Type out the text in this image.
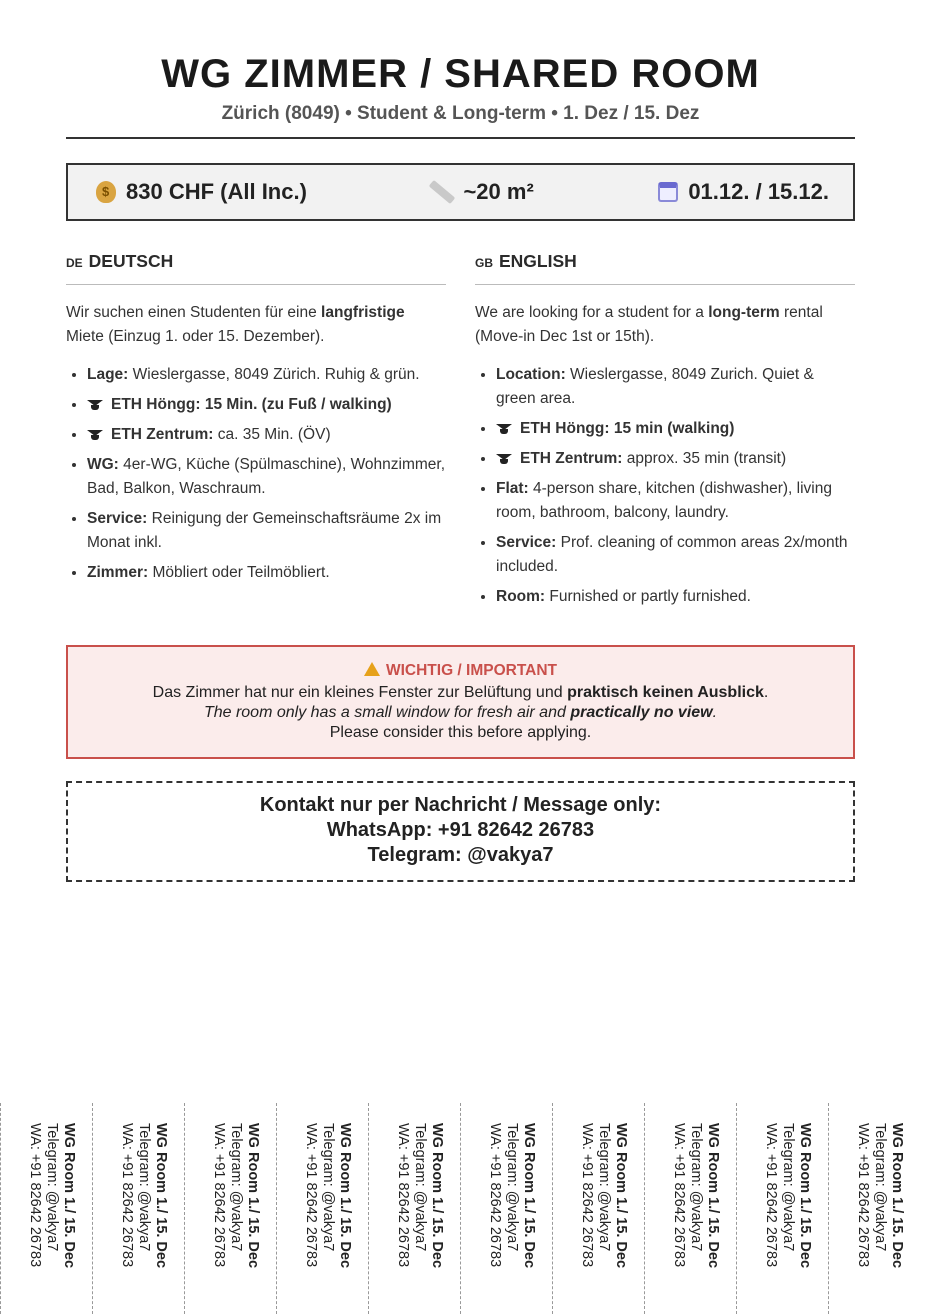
WG ZIMMER / SHARED ROOM
Zürich (8049) • Student & Long-term • 1. Dez / 15. Dez
$
830 CHF (All Inc.)	~20 m²	01.12. / 15.12.
DE DEUTSCH
Wir suchen einen Studenten für eine langfristige Miete (Einzug 1. oder 15. Dezember).
• Lage: Wieslergasse, 8049 Zürich. Ruhig & grün.
• ETH Höngg: 15 Min. (zu Fuß / walking)
• ETH Zentrum: ca. 35 Min. (ÖV)
• WG: 4er-WG, Küche (Spülmaschine), Wohnzimmer, Bad, Balkon, Waschraum.
• Service: Reinigung der Gemeinschaftsräume 2x im Monat inkl.
• Zimmer: Möbliert oder Teilmöbliert.
GB ENGLISH
We are looking for a student for a long-term rental (Move-in Dec 1st or 15th).
• Location: Wieslergasse, 8049 Zurich. Quiet & green area.
• ETH Höngg: 15 min (walking)
• ETH Zentrum: approx. 35 min (transit)
• Flat: 4-person share, kitchen (dishwasher), living room, bathroom, balcony, laundry.
• Service: Prof. cleaning of common areas 2x/month included.
• Room: Furnished or partly furnished.
WICHTIG / IMPORTANT
Das Zimmer hat nur ein kleines Fenster zur Belüftung und praktisch keinen Ausblick.
The room only has a small window for fresh air and practically no view.
Please consider this before applying.
Kontakt nur per Nachricht / Message only:
WhatsApp: +91 82642 26783
Telegram: @vakya7
WG Room 1./ 15. Dec
Telegram: @vakya7
WA: +91 82642 26783	WG Room 1./ 15. Dec
Telegram: @vakya7
WA: +91 82642 26783	WG Room 1./ 15. Dec
Telegram: @vakya7
WA: +91 82642 26783	WG Room 1./ 15. Dec
Telegram: @vakya7
WA: +91 82642 26783	WG Room 1./ 15. Dec
Telegram: @vakya7
WA: +91 82642 26783	WG Room 1./ 15. Dec
Telegram: @vakya7
WA: +91 82642 26783	WG Room 1./ 15. Dec
Telegram: @vakya7
WA: +91 82642 26783	WG Room 1./ 15. Dec
Telegram: @vakya7
WA: +91 82642 26783	WG Room 1./ 15. Dec
Telegram: @vakya7
WA: +91 82642 26783	WG Room 1./ 15. Dec
Telegram: @vakya7
WA: +91 82642 26783
